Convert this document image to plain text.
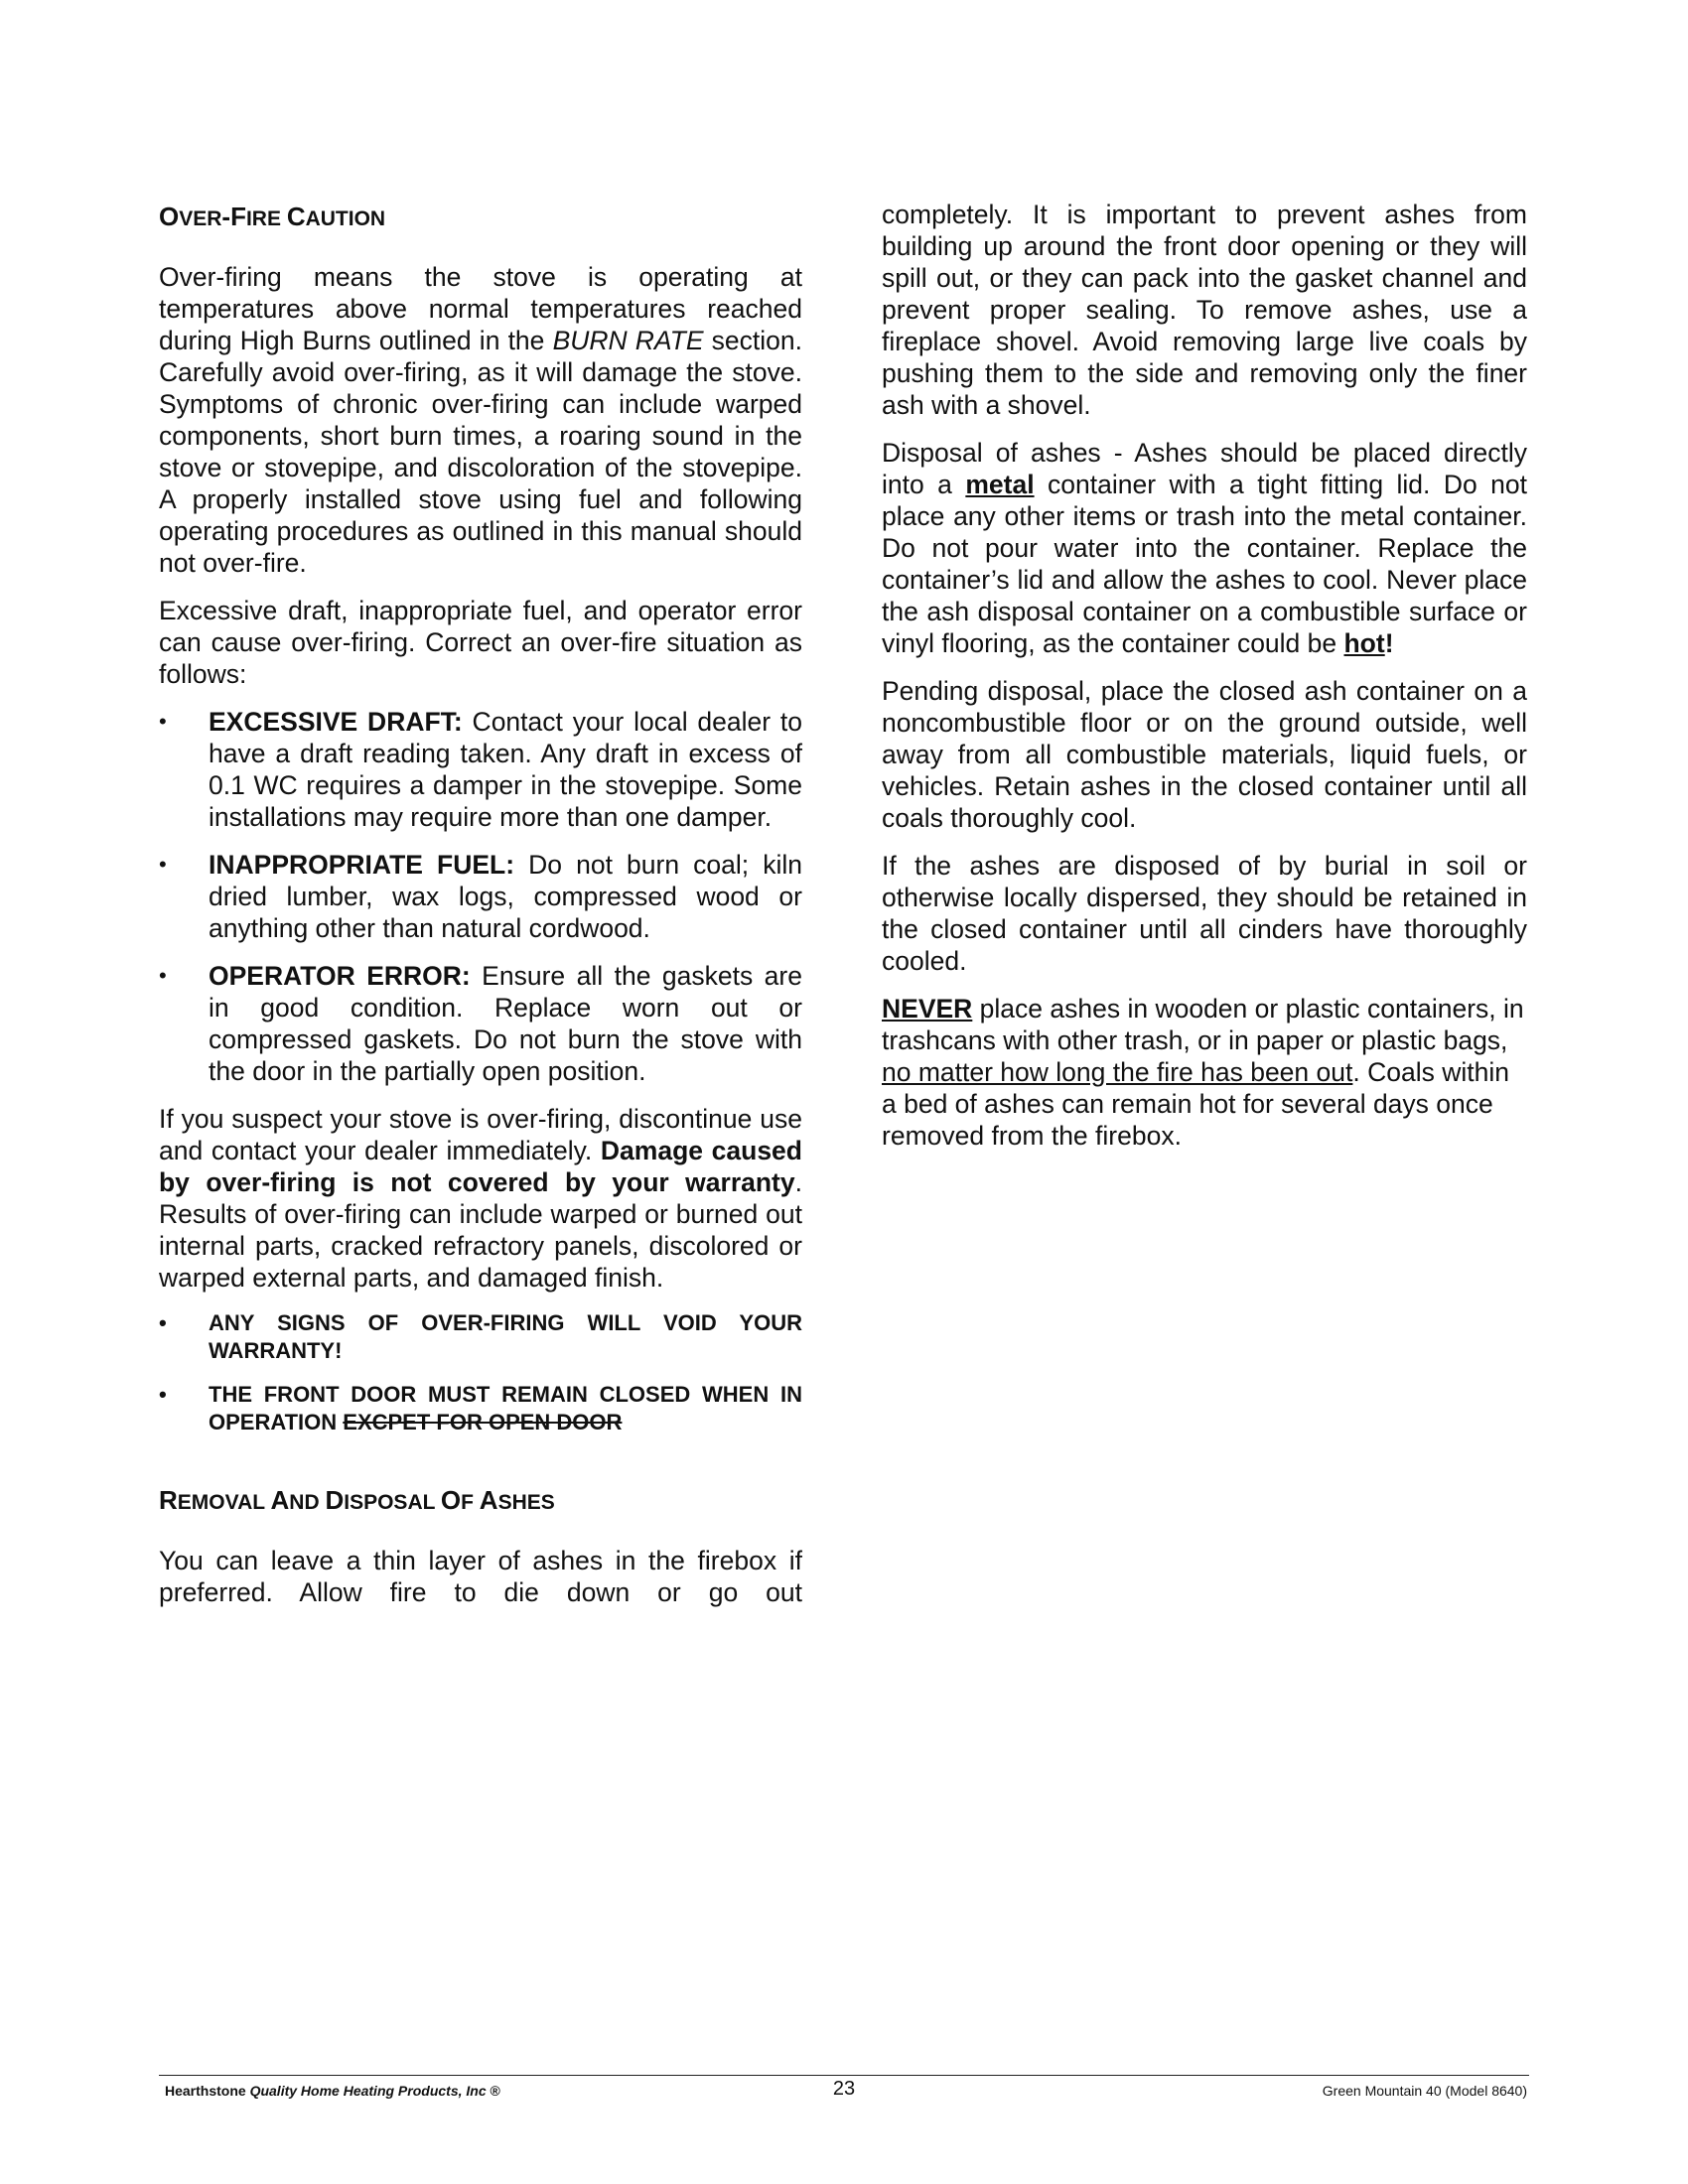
OVER-FIRE CAUTION

Over-firing means the stove is operating at temperatures above normal temperatures reached during High Burns outlined in the BURN RATE section. Carefully avoid over-firing, as it will damage the stove. Symptoms of chronic over-firing can include warped components, short burn times, a roaring sound in the stove or stovepipe, and discoloration of the stovepipe. A properly installed stove using fuel and following operating procedures as outlined in this manual should not over-fire.

Excessive draft, inappropriate fuel, and operator error can cause over-firing. Correct an over-fire situation as follows:

• EXCESSIVE DRAFT: Contact your local dealer to have a draft reading taken. Any draft in excess of 0.1 WC requires a damper in the stovepipe. Some installations may require more than one damper.
• INAPPROPRIATE FUEL: Do not burn coal; kiln dried lumber, wax logs, compressed wood or anything other than natural cordwood.
• OPERATOR ERROR: Ensure all the gaskets are in good condition. Replace worn out or compressed gaskets. Do not burn the stove with the door in the partially open position.

If you suspect your stove is over-firing, discontinue use and contact your dealer immediately. Damage caused by over-firing is not covered by your warranty. Results of over-firing can include warped or burned out internal parts, cracked refractory panels, discolored or warped external parts, and damaged finish.

• ANY SIGNS OF OVER-FIRING WILL VOID YOUR WARRANTY!
• THE FRONT DOOR MUST REMAIN CLOSED WHEN IN OPERATION EXCPET FOR OPEN DOOR
REMOVAL AND DISPOSAL OF ASHES

You can leave a thin layer of ashes in the firebox if preferred. Allow fire to die down or go out

completely. It is important to prevent ashes from building up around the front door opening or they will spill out, or they can pack into the gasket channel and prevent proper sealing. To remove ashes, use a fireplace shovel. Avoid removing large live coals by pushing them to the side and removing only the finer ash with a shovel.

Disposal of ashes - Ashes should be placed directly into a metal container with a tight fitting lid. Do not place any other items or trash into the metal container. Do not pour water into the container. Replace the container’s lid and allow the ashes to cool. Never place the ash disposal container on a combustible surface or vinyl flooring, as the container could be hot!

Pending disposal, place the closed ash container on a noncombustible floor or on the ground outside, well away from all combustible materials, liquid fuels, or vehicles. Retain ashes in the closed container until all coals thoroughly cool.

If the ashes are disposed of by burial in soil or otherwise locally dispersed, they should be retained in the closed container until all cinders have thoroughly cooled.

NEVER place ashes in wooden or plastic containers, in trashcans with other trash, or in paper or plastic bags, no matter how long the fire has been out. Coals within a bed of ashes can remain hot for several days once removed from the firebox.

Hearthstone Quality Home Heating Products, Inc ®	23	Green Mountain 40 (Model 8640)
